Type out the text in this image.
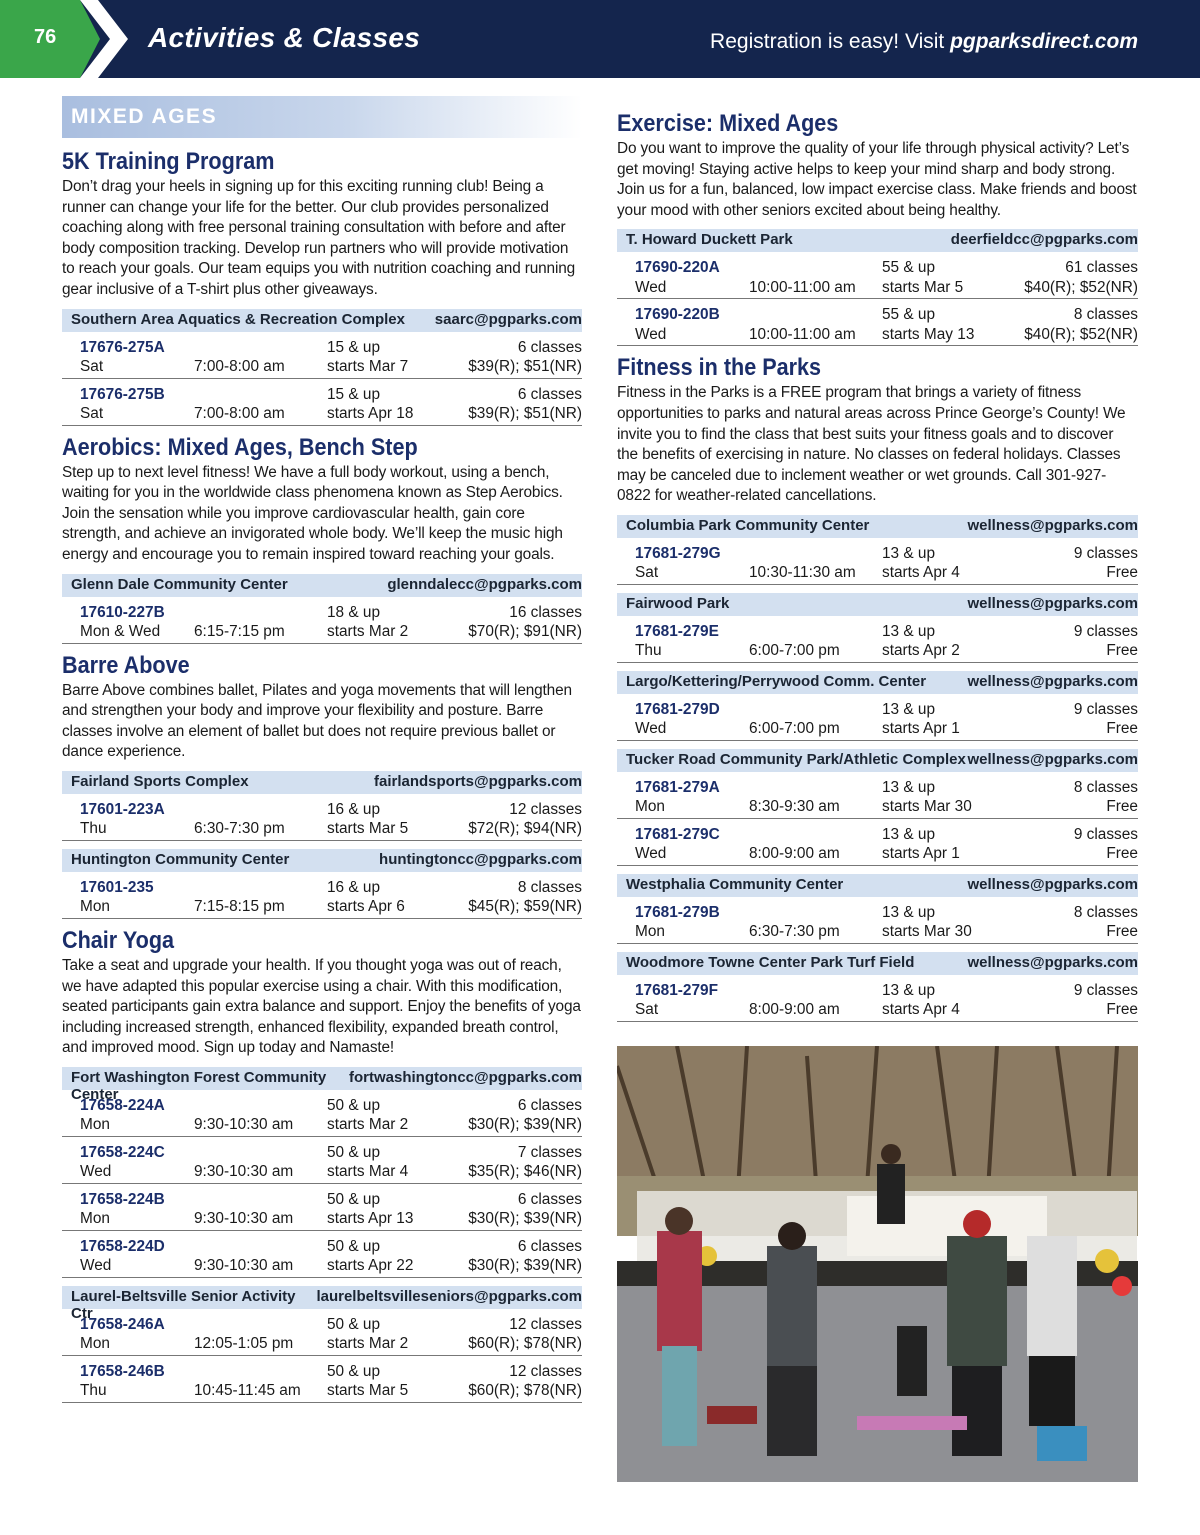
76	Activities & Classes	Registration is easy! Visit pgparksdirect.com
MIXED AGES
5K Training Program

Don’t drag your heels in signing up for this exciting running club! Being a runner can change your life for the better. Our club provides personalized coaching along with free personal training consultation with before and after body composition tracking. Develop run partners who will provide motivation to reach your goals. Our team equips you with nutrition coaching and running gear inclusive of a T-shirt plus other giveaways.

Southern Area Aquatics & Recreation Complex saarc@pgparks.com
17676-275A	15 & up	6 classes
Sat	7:00-8:00 am	starts Mar 7	$39(R); $51(NR)
17676-275B	15 & up	6 classes
Sat	7:00-8:00 am	starts Apr 18	$39(R); $51(NR)
Aerobics: Mixed Ages, Bench Step

Step up to next level fitness! We have a full body workout, using a bench, waiting for you in the worldwide class phenomena known as Step Aerobics. Join the sensation while you improve cardiovascular health, gain core strength, and achieve an invigorated whole body. We’ll keep the music high energy and encourage you to remain inspired toward reaching your goals.

Glenn Dale Community Center	glenndalecc@pgparks.com
17610-227B	18 & up	16 classes
Mon & Wed	6:15-7:15 pm	starts Mar 2	$70(R); $91(NR)
Barre Above

Barre Above combines ballet, Pilates and yoga movements that will lengthen and strengthen your body and improve your flexibility and posture. Barre classes involve an element of ballet but does not require previous ballet or dance experience.

Fairland Sports Complex	fairlandsports@pgparks.com
17601-223A	16 & up	12 classes
Thu	6:30-7:30 pm	starts Mar 5	$72(R); $94(NR)
Huntington Community Center	huntingtoncc@pgparks.com
17601-235	16 & up	8 classes
Mon	7:15-8:15 pm	starts Apr 6	$45(R); $59(NR)
Chair Yoga

Take a seat and upgrade your health. If you thought yoga was out of reach, we have adapted this popular exercise using a chair. With this modification, seated participants gain extra balance and support. Enjoy the benefits of yoga including increased strength, enhanced flexibility, expanded breath control, and improved mood. Sign up today and Namaste!

Fort Washington Forest Community Center
fortwashingtoncc@pgparks.com
17658-224A	50 & up	6 classes
Mon	9:30-10:30 am	starts Mar 2	$30(R); $39(NR)
17658-224C	50 & up	7 classes
Wed	9:30-10:30 am	starts Mar 4	$35(R); $46(NR)
17658-224B	50 & up	6 classes
Mon	9:30-10:30 am	starts Apr 13	$30(R); $39(NR)
17658-224D	50 & up	6 classes
Wed	9:30-10:30 am	starts Apr 22	$30(R); $39(NR)
Laurel-Beltsville Senior Activity Ctr
laurelbeltsvilleseniors@pgparks.com
17658-246A	50 & up	12 classes
Mon	12:05-1:05 pm	starts Mar 2	$60(R); $78(NR)
17658-246B	50 & up	12 classes
Thu	10:45-11:45 am	starts Mar 5	$60(R); $78(NR)
Exercise: Mixed Ages

Do you want to improve the quality of your life through physical activity? Let’s get moving! Staying active helps to keep your mind sharp and body strong. Join us for a fun, balanced, low impact exercise class. Make friends and boost your mood with other seniors excited about being healthy.

T. Howard Duckett Park	deerfieldcc@pgparks.com
17690-220A	55 & up	61 classes
Wed	10:00-11:00 am	starts Mar 5	$40(R); $52(NR)
17690-220B	55 & up	8 classes
Wed	10:00-11:00 am	starts May 13	$40(R); $52(NR)
Fitness in the Parks

Fitness in the Parks is a FREE program that brings a variety of fitness opportunities to parks and natural areas across Prince George’s County! We invite you to find the class that best suits your fitness goals and to discover the benefits of exercising in nature. No classes on federal holidays. Classes may be canceled due to inclement weather or wet grounds. Call 301-927-0822 for weather-related cancellations.

Columbia Park Community Center	wellness@pgparks.com
17681-279G	13 & up	9 classes
Sat	10:30-11:30 am	starts Apr 4	Free
Fairwood Park	wellness@pgparks.com
17681-279E	13 & up	9 classes
Thu	6:00-7:00 pm	starts Apr 2	Free
Largo/Kettering/Perrywood Comm. Center	wellness@pgparks.com
17681-279D	13 & up	9 classes
Wed	6:00-7:00 pm	starts Apr 1	Free
Tucker Road Community Park/Athletic Complex wellness@pgparks.com
17681-279A	13 & up	8 classes
Mon	8:30-9:30 am	starts Mar 30	Free
17681-279C	13 & up	9 classes
Wed	8:00-9:00 am	starts Apr 1	Free
Westphalia Community Center	wellness@pgparks.com
17681-279B	13 & up	8 classes
Mon	6:30-7:30 pm	starts Mar 30	Free
Woodmore Towne Center Park Turf Field	wellness@pgparks.com
17681-279F	13 & up	9 classes
Sat	8:00-9:00 am	starts Apr 4	Free
